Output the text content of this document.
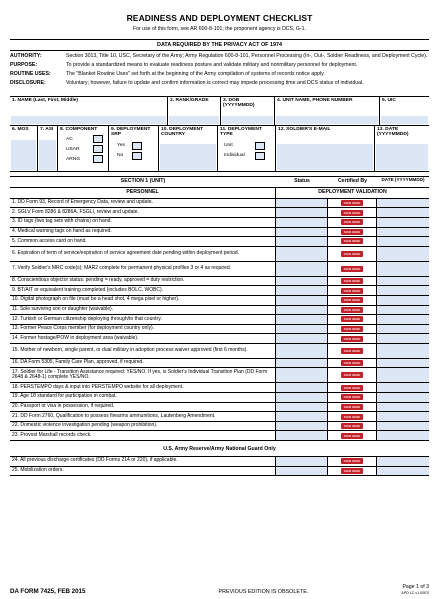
READINESS AND DEPLOYMENT CHECKLIST
For use of this form, see AR 600-8-101; the proponent agency is DCS, G-1.
DATA REQUIRED BY THE PRIVACY ACT OF 1974
AUTHORITY:	Section 3013, Title 10, USC, Secretary of the Army; Army Regulation 600-8-101, Personnel Processing (In-, Out-, Soldier Readiness, and Deployment Cycle).
PURPOSE:	To provide a standardized means to evaluate readiness posture and validate military and nonmilitary personnel for deployment.
ROUTINE USES:	The "Blanket Routine Uses" set forth at the beginning of the Army compilation of systems of records notice apply.
DISCLOSURE:	Voluntary; however, failure to update and confirm information is correct may impede processing time and DCS status of individual.
1. NAME (Last, First, Middle)	2. RANK/GRADE	3. DOB (YYYYMMDD)
4. UNIT NAME, PHONE NUMBER	5. UIC
6. MOS	7. ASI	8. COMPONENT
AC
USAR
ARNG
9. DEPLOYMENT SRP
Yes
No
10. DEPLOYMENT COUNTRY
11. DEPLOYMENT TYPE
Unit
Individual
12. SOLDIER'S E-MAIL	13. DATE (YYYYMMDD)
SECTION 1 (UNIT)	Status	Certified By	DATE (YYYYMMDD)
PERSONNEL	DEPLOYMENT VALIDATION
1. DD Form 93, Record of Emergency Data, review and update.	SIGN HERE
2. SGLV Form 8286 & 8286A, FSGLI, review and update.	SIGN HERE
3. ID tags (two tag sets with chains) on hand.	SIGN HERE
4. Medical warning tags on hand as required.	SIGN HERE
5. Common access card on hand.	SIGN HERE
6. Expiration of term of service/expiration of service agreement date pending within deployment period.	SIGN HERE
7. Verify Soldier's MRC code(s); MAR2 complete for permanent physical profiles 3 or 4 as required.	SIGN HERE
8. Conscientious objector status: pending = ready, approved = duty restriction.	SIGN HERE
9. BT/AIT or equivalent training completed (includes BOLC, WOBC).	SIGN HERE
10. Digital photograph on file (must be a head shot, 4 mega pixel or higher).	SIGN HERE
11. Sole surviving son or daughter (waivable).	SIGN HERE
12. Turkish or German citizenship deploying through/to that country.	SIGN HERE
13. Former Peace Corps member (for deployment country only).	SIGN HERE
14. Former hostage/POW in deployment area (waivable).	SIGN HERE
15. Mother of newborn, single parent, or dual military in adoption process waiver approved (first 6 months).	SIGN HERE
16. DA Form 5305, Family Care Plan, approved, if required.	SIGN HERE
17. Soldier for Life - Transition Assistance required: YES/NO. If yes, is Soldier's Individual Transition Plan (DD Form 2648 & 2648-1) complete YES/NO.	SIGN HERE
18. PERSTEMPO days & input into PERSTEMPO website for all deployment.	SIGN HERE
19. Age 18 standard for participation in combat.	SIGN HERE
20. Passport or visa in possession, if required.	SIGN HERE
21. DD Form 2760, Qualification to possess firearms ammunitions, Lautenberg Amendment.	SIGN HERE
22. Domestic violence investigation pending (weapon prohibition).	SIGN HERE
23. Provost Marshall records check.	SIGN HERE
U.S. Army Reserve/Army National Guard Only
24. All previous discharge certificates (DD Forms 214 or 220), if applicable.	SIGN HERE
25. Mobilization orders.	SIGN HERE
DA FORM 7425, FEB 2015	PREVIOUS EDITION IS OBSOLETE.
Page 1 of 3
APD LC v1.00ES
